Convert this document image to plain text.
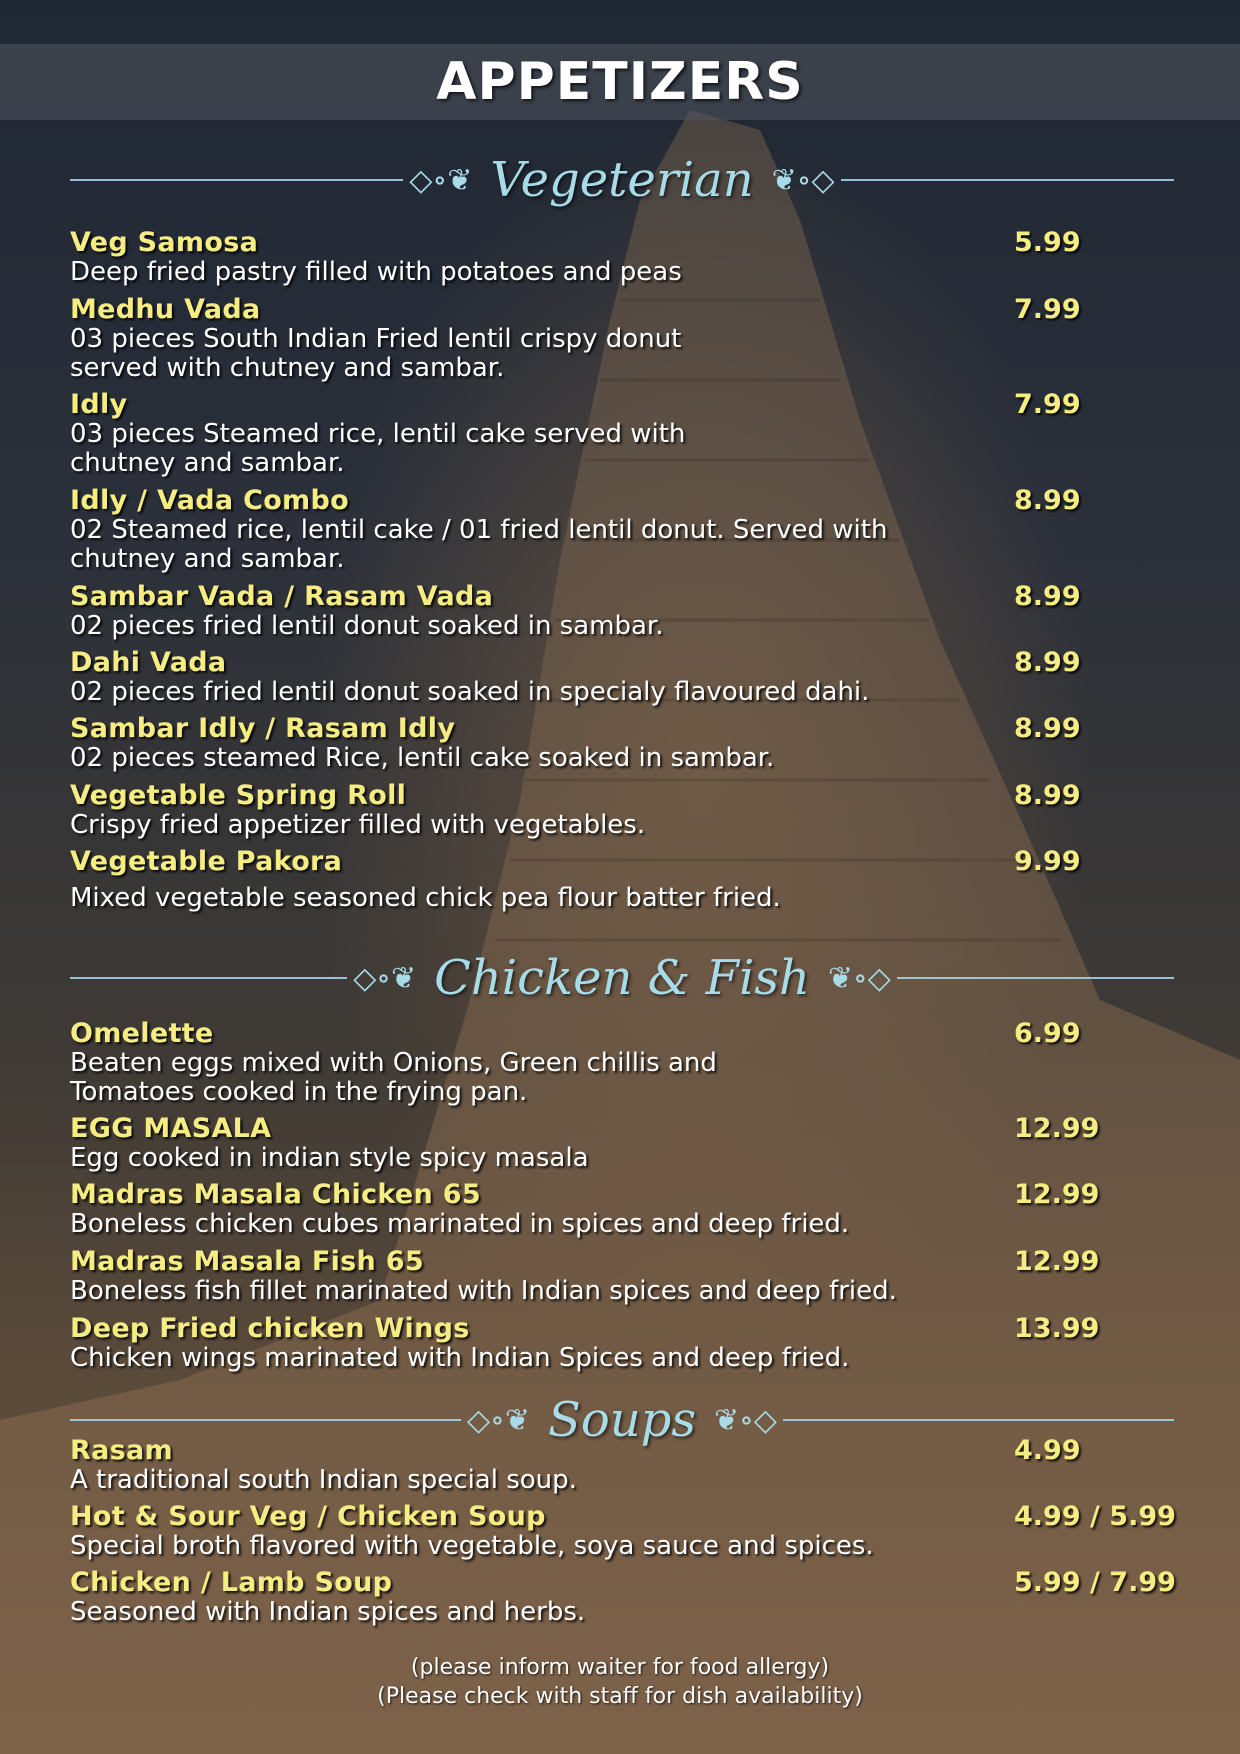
APPETIZERS
◇∘❦ Vegeterian ❦∘◇
Veg Samosa
Deep fried pastry filled with potatoes and peas
5.99
Medhu Vada
03 pieces South Indian Fried lentil crispy donut
served with chutney and sambar.
7.99
Idly
03 pieces Steamed rice, lentil cake served with
chutney and sambar.
7.99
Idly / Vada Combo
02 Steamed rice, lentil cake / 01 fried lentil donut. Served with
chutney and sambar.
8.99
Sambar Vada / Rasam Vada
02 pieces fried lentil donut soaked in sambar.
8.99
Dahi Vada
02 pieces fried lentil donut soaked in specialy flavoured dahi.
8.99
Sambar Idly / Rasam Idly
02 pieces steamed Rice, lentil cake soaked in sambar.
8.99
Vegetable Spring Roll
Crispy fried appetizer filled with vegetables.
8.99
Vegetable Pakora
Mixed vegetable seasoned chick pea flour batter fried.
9.99
◇∘❦ Chicken & Fish ❦∘◇
Omelette
Beaten eggs mixed with Onions, Green chillis and
Tomatoes cooked in the frying pan.
6.99
EGG MASALA
Egg cooked in indian style spicy masala
12.99
Madras Masala Chicken 65
Boneless chicken cubes marinated in spices and deep fried.
12.99
Madras Masala Fish 65
Boneless fish fillet marinated with Indian spices and deep fried.
12.99
Deep Fried chicken Wings
Chicken wings marinated with Indian Spices and deep fried.
13.99
◇∘❦ Soups ❦∘◇
Rasam
A traditional south Indian special soup.
4.99
Hot & Sour Veg / Chicken Soup
Special broth flavored with vegetable, soya sauce and spices.
4.99 / 5.99
Chicken / Lamb Soup
Seasoned with Indian spices and herbs.
5.99 / 7.99
(please inform waiter for food allergy)
(Please check with staff for dish availability)
